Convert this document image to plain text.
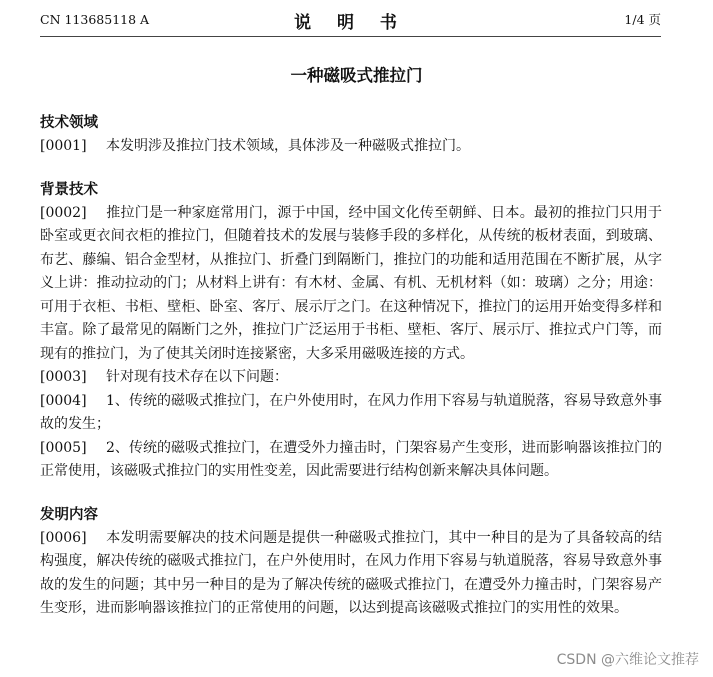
CN 113685118 A	说 明 书	1/4 页
一种磁吸式推拉门
技术领域
[0001] 本发明涉及推拉门技术领域，具体涉及一种磁吸式推拉门。
背景技术
[0002] 推拉门是一种家庭常用门，源于中国，经中国文化传至朝鲜、日本。最初的推拉门只用于卧室或更衣间衣柜的推拉门，但随着技术的发展与装修手段的多样化，从传统的板材表面，到玻璃、布艺、藤编、铝合金型材，从推拉门、折叠门到隔断门，推拉门的功能和适用范围在不断扩展，从字义上讲：推动拉动的门；从材料上讲有：有木材、金属、有机、无机材料（如：玻璃）之分；用途：可用于衣柜、书柜、壁柜、卧室、客厅、展示厅之门。在这种情况下，推拉门的运用开始变得多样和丰富。除了最常见的隔断门之外，推拉门广泛运用于书柜、壁柜、客厅、展示厅、推拉式户门等，而现有的推拉门，为了使其关闭时连接紧密，大多采用磁吸连接的方式。
[0003] 针对现有技术存在以下问题：
[0004] 1、传统的磁吸式推拉门，在户外使用时，在风力作用下容易与轨道脱落，容易导致意外事故的发生；
[0005] 2、传统的磁吸式推拉门，在遭受外力撞击时，门架容易产生变形，进而影响器该推拉门的正常使用，该磁吸式推拉门的实用性变差，因此需要进行结构创新来解决具体问题。
发明内容
[0006] 本发明需要解决的技术问题是提供一种磁吸式推拉门，其中一种目的是为了具备较高的结构强度，解决传统的磁吸式推拉门，在户外使用时，在风力作用下容易与轨道脱落，容易导致意外事故的发生的问题；其中另一种目的是为了解决传统的磁吸式推拉门，在遭受外力撞击时，门架容易产生变形，进而影响器该推拉门的正常使用的问题，以达到提高该磁吸式推拉门的实用性的效果。
CSDN @六维论文推荐
